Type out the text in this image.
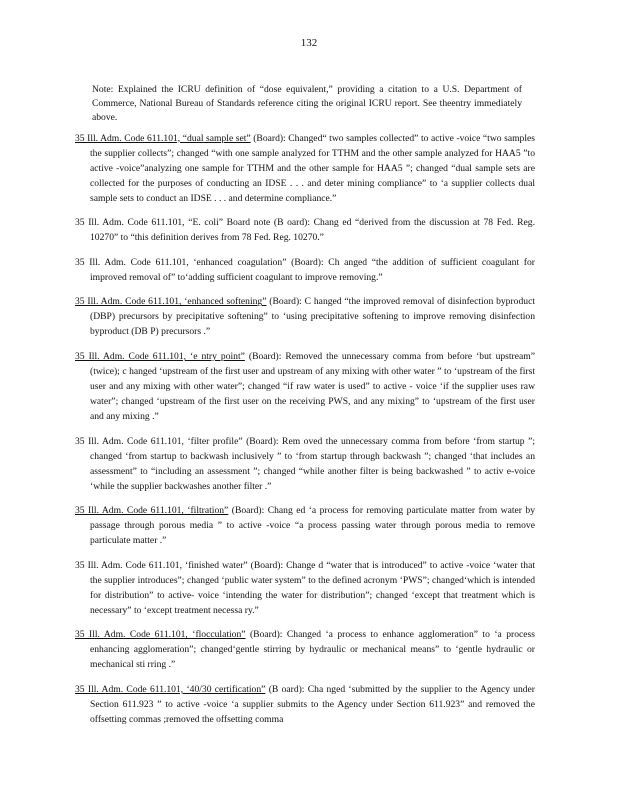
132

Note: Explained the ICRU definition of “dose equivalent,” providing a citation to a U.S. Department of Commerce, National Bureau of Standards reference citing the original ICRU report. See theentry immediately above.

35 Ill. Adm. Code 611.101, “dual sample set” (Board): Changed“ two samples collected” to active -voice “two samples the supplier collects”; changed “with one sample analyzed for TTHM and the other sample analyzed for HAA5 ”to active -voice”analyzing one sample for TTHM and the other sample for HAA5 ”; changed “dual sample sets are collected for the purposes of conducting an IDSE . . . and deter mining compliance” to ‘a supplier collects dual sample sets to conduct an IDSE . . . and determine compliance.”

35 Ill. Adm. Code 611.101, “E. coli” Board note (B oard): Chang ed “derived from the discussion at 78 Fed. Reg. 10270” to “this definition derives from 78 Fed. Reg. 10270.”

35 Ill. Adm. Code 611.101, ‘enhanced coagulation” (Board): Ch anged “the addition of sufficient coagulant for improved removal of” to‘adding sufficient coagulant to improve removing.”

35 Ill. Adm. Code 611.101, ‘enhanced softening” (Board): C hanged “the improved removal of disinfection byproduct (DBP) precursors by precipitative softening” to ‘using precipitative softening to improve removing disinfection byproduct (DB P) precursors .”

35 Ill. Adm. Code 611.101, ‘e ntry point” (Board): Removed the unnecessary comma from before ‘but upstream” (twice); c hanged ‘upstream of the first user and upstream of any mixing with other water ” to ‘upstream of the first user and any mixing with other water”; changed “if raw water is used” to active - voice ‘if the supplier uses raw water”; changed ‘upstream of the first user on the receiving PWS, and any mixing” to ‘upstream of the first user and any mixing .”

35 Ill. Adm. Code 611.101, ‘filter profile” (Board): Rem oved the unnecessary comma from before ‘from startup ”; changed ‘from startup to backwash inclusively ” to ‘from startup through backwash ”; changed ‘that includes an assessment” to “including an assessment ”; changed “while another filter is being backwashed ” to activ e-voice ‘while the supplier backwashes another filter .”

35 Ill. Adm. Code 611.101, ‘filtration” (Board): Chang ed ‘a process for removing particulate matter from water by passage through porous media ” to active -voice “a process passing water through porous media to remove particulate matter .”

35 Ill. Adm. Code 611.101, ‘finished water” (Board): Change d “water that is introduced” to active -voice ‘water that the supplier introduces”; changed ‘public water system” to the defined acronym ‘PWS”; changed‘which is intended for distribution” to active- voice ‘intending the water for distribution”; changed ‘except that treatment which is necessary” to ‘except treatment necessa ry.”

35 Ill. Adm. Code 611.101, ‘flocculation” (Board): Changed ‘a process to enhance agglomeration” to ‘a process enhancing agglomeration”; changed‘gentle stirring by hydraulic or mechanical means” to ‘gentle hydraulic or mechanical sti rring .”

35 Ill. Adm. Code 611.101, ‘40/30 certification” (B oard): Cha nged ‘submitted by the supplier to the Agency under Section 611.923 ” to active -voice ‘a supplier submits to the Agency under Section 611.923” and removed the offsetting commas ;removed the offsetting comma
